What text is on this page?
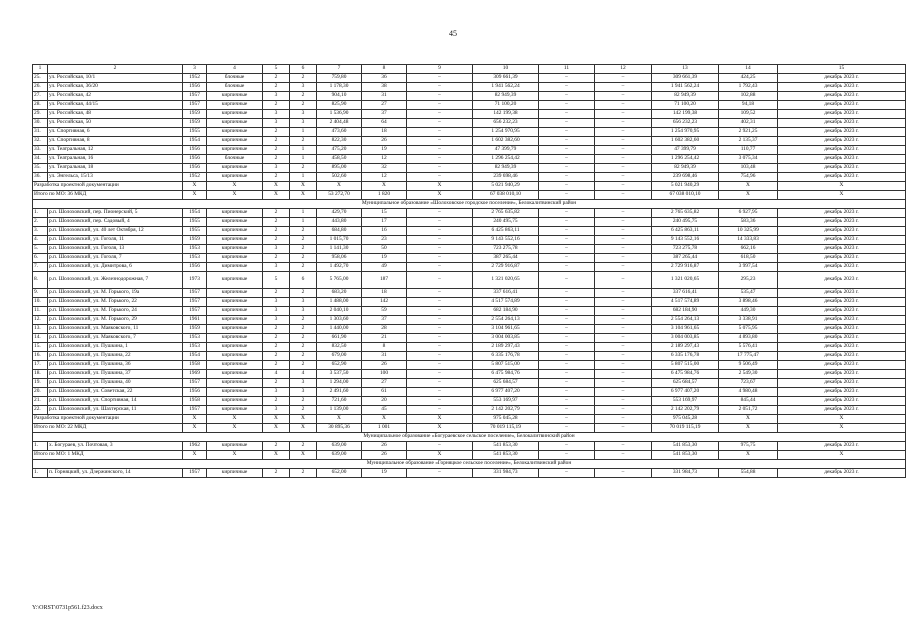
45
1	2	3	4	5	6	7	8	9	10	11	12	13	14	15
25.	ул. Российская, 10/1	1952	блочные	2	2	759,80	36	–	309 661,39	–	–	309 661,39	424,25	декабрь 2023 г.
26.	ул. Российская, 36/20	1956	блочные	2	3	1 178,30	38	–	1 941 562,24	–	–	1 941 562,24	1 792,43	декабрь 2023 г.
27.	ул. Российская, 42	1957	кирпичные	3	2	904,10	31	–	82 949,39	–	–	82 949,39	102,88	декабрь 2023 г.
28.	ул. Российская, 44/15	1957	кирпичные	2	2	825,90	27	–	71 100,20	–	–	71 100,20	94,18	декабрь 2023 г.
29.	ул. Российская, 48	1959	кирпичные	3	3	1 536,90	37	–	142 199,38	–	–	142 199,38	109,52	декабрь 2023 г.
30.	ул. Российская, 50	1959	кирпичные	3	3	2 404,48	64	–	656 232,23	–	–	656 232,23	402,31	декабрь 2023 г.
31.	ул. Спортивная, 6	1955	кирпичные	2	1	473,60	18	–	1 254 970,95	–	–	1 254 970,95	2 921,25	декабрь 2023 г.
32.	ул. Спортивная, 8	1954	кирпичные	2	2	822,30	26	–	1 602 382,60	–	–	1 602 382,60	2 135,37	декабрь 2023 г.
33.	ул. Театральная, 12	1956	кирпичные	2	1	475,20	19	–	47 399,79	–	–	47 399,79	110,77	декабрь 2023 г.
34.	ул. Театральная, 16	1956	блочные	2	1	458,50	12	–	1 296 254,42	–	–	1 296 254,42	3 075,34	декабрь 2023 г.
35.	ул. Театральная, 18	1956	кирпичные	3	2	895,00	32	–	82 949,39	–	–	82 949,39	103,48	декабрь 2023 г.
36.	ул. Энгельса, 15/13	1952	кирпичные	2	1	502,60	12	–	239 698,46	–	–	239 698,46	754,96	декабрь 2023 г.
Разработка проектной документации		X	X	X	X	X	X	X	5 021 940,29	–	–	5 021 940,29	X	X
Итого по МО: 36 МКД		X	X	X	X	53 272,70	1 820	X	67 038 010,10	–	–	67 038 010,10	X	X
Муниципальное образование «Шолоховское городское поселение», Белокалитвинский район														
1.	р.п. Шолоховский, пер. Пионерский, 5	1954	кирпичные	2	1	429,70	15	–	2 765 635,82	–	–	2 765 635,82	6 927,95	декабрь 2023 г.
2.	р.п. Шолоховский, пер. Садовый, 4	1955	кирпичные	2	1	443,80	17	–	240 495,75	–	–	240 495,75	583,36	декабрь 2023 г.
3.	р.п. Шолоховский, ул. 40 лет Октября, 12	1955	кирпичные	2	2	684,80	16	–	6 425 863,11	–	–	6 425 863,11	10 325,99	декабрь 2023 г.
4.	р.п. Шолоховский, ул. Гоголя, 11	1959	кирпичные	2	2	1 015,70	23	–	9 143 552,16	–	–	9 143 552,16	14 333,83	декабрь 2023 г.
5.	р.п. Шолоховский, ул. Гоголя, 13	1953	кирпичные	3	2	1 141,30	50	–	723 275,78	–	–	723 275,78	662,16	декабрь 2023 г.
6.	р.п. Шолоховский, ул. Гоголя, 7	1953	кирпичные	2	2	958,06	19	–	387 265,44	–	–	387 265,44	618,50	декабрь 2023 г.
7.	р.п. Шолоховский, ул. Димитрова, 6	1956	кирпичные	3	2	1 492,70	49	–	2 729 916,87	–	–	2 729 916,87	3 997,54	декабрь 2023 г.
8.	р.п. Шолоховский, ул. Железнодорожная, 7	1973	кирпичные	5	6	5 765,00	187	–	1 321 020,65	–	–	1 321 020,65	295,23	декабрь 2023 г.
9.	р.п. Шолоховский, ул. М. Горького, 19а	1957	кирпичные	2	2	683,20	18	–	337 616,41	–	–	337 616,41	535,47	декабрь 2023 г.
10.	р.п. Шолоховский, ул. М. Горького, 22	1957	кирпичные	3	3	1 488,00	142	–	4 517 574,89	–	–	4 517 574,89	3 898,46	декабрь 2023 г.
11.	р.п. Шолоховский, ул. М. Горького, 24	1957	кирпичные	3	3	2 040,10	59	–	682 184,90	–	–	682 184,90	449,30	декабрь 2023 г.
12.	р.п. Шолоховский, ул. М. Горького, 29	1961	кирпичные	3	2	1 303,60	37	–	2 554 264,13	–	–	2 554 264,13	3 338,91	декабрь 2023 г.
13.	р.п. Шолоховский, ул. Маяковского, 11	1959	кирпичные	2	2	1 440,00	28	–	3 104 961,65	–	–	3 104 961,65	5 075,95	декабрь 2023 г.
14.	р.п. Шолоховский, ул. Маяковского, 7	1953	кирпичные	2	2	661,90	21	–	3 004 003,85	–	–	3 004 003,85	4 893,80	декабрь 2023 г.
15.	р.п. Шолоховский, ул. Пушкина, 1	1953	кирпичные	2	2	832,50	8	–	2 189 297,43	–	–	2 189 297,43	5 576,41	декабрь 2023 г.
16.	р.п. Шолоховский, ул. Пушкина, 22	1954	кирпичные	2	2	679,00	31	–	6 335 176,78	–	–	6 335 176,78	17 775,47	декабрь 2023 г.
17.	р.п. Шолоховский, ул. Пушкина, 36	1958	кирпичные	2	2	652,90	26	–	5 807 515,00	–	–	5 807 515,00	9 506,49	декабрь 2023 г.
18.	р.п. Шолоховский, ул. Пушкина, 37	1969	кирпичные	4	4	3 537,50	100	–	6 475 984,76	–	–	6 475 984,76	2 549,30	декабрь 2023 г.
19.	р.п. Шолоховский, ул. Пушкина, 40	1957	кирпичные	2	3	1 294,00	27	–	625 684,57	–	–	625 684,57	723,67	декабрь 2023 г.
20.	р.п. Шолоховский, ул. Советская, 22	1956	кирпичные	3	3	2 491,60	61	–	6 977 407,20	–	–	6 977 407,20	4 980,48	декабрь 2023 г.
21.	р.п. Шолоховский, ул. Спортивная, 14	1958	кирпичные	2	2	721,60	20	–	553 169,97	–	–	553 169,97	845,44	декабрь 2023 г.
22.	р.п. Шолоховский, ул. Шахтерская, 11	1957	кирпичные	3	2	1 139,00	45	–	2 142 202,79	–	–	2 142 202,79	2 051,72	декабрь 2023 г.
Разработка проектной документации		X	X	X	X	X	X	X	975 045,28	–	–	975 045,28	X	X
Итого по МО: 22 МКД		X	X	X	X	30 895,36	1 001	X	70 019 115,19	–	–	70 019 115,19	X	X
Муниципальное образование «Богураевское сельское поселение», Белокалитвинский район														
1.	х. Богураев, ул. Почтовая, 3	1962	кирпичные	2	2	639,00	26	–	541 853,30	–	–	541 853,30	975,75	декабрь 2023 г.
Итого по МО: 1 МКД		X	X	X	X	639,00	26	X	541 853,30	–	–	541 853,30	X	X
Муниципальное образование «Горняцкое сельское поселение», Белокалитвинский район														
1.	п. Горняцкий, ул. Дзержинского, 14	1957	кирпичные	2	2	652,00	19	–	331 984,73	–	–	331 984,73	554,88	декабрь 2023 г.
Y:\ORST\0731p561.f23.docx
